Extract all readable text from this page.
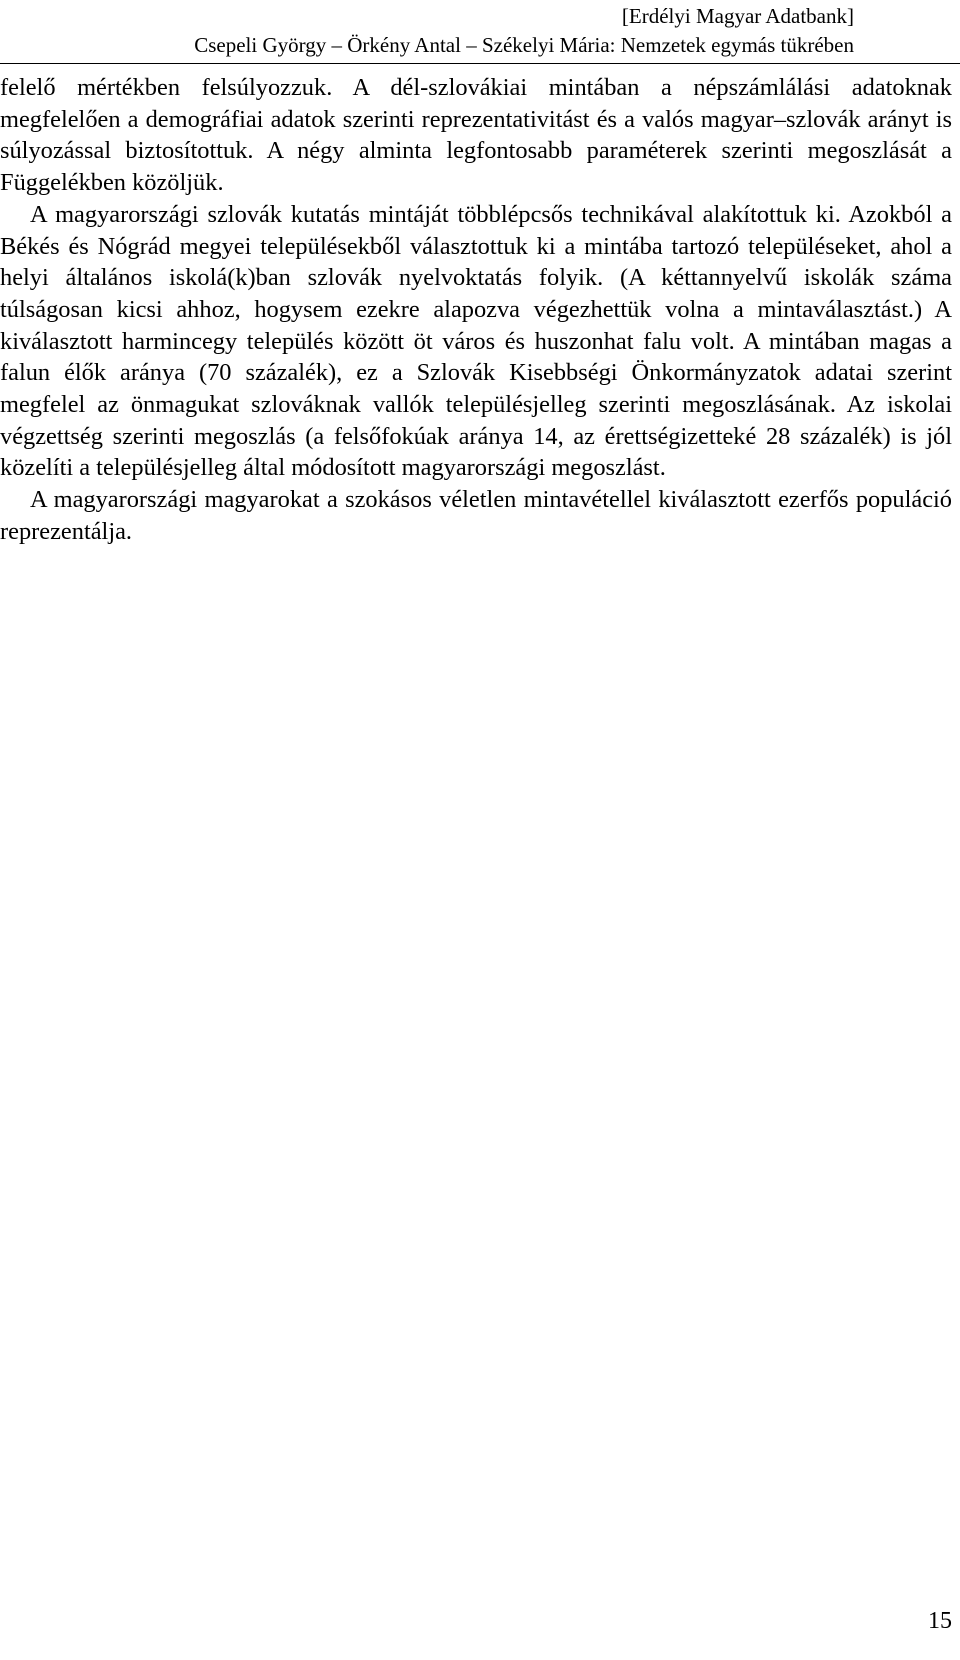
[Erdélyi Magyar Adatbank]
Csepeli György – Örkény Antal – Székelyi Mária: Nemzetek egymás tükrében

felelő mértékben felsúlyozzuk. A dél-szlovákiai mintában a népszámlálási adatoknak megfelelően a demográfiai adatok szerinti reprezentativitást és a valós magyar–szlovák arányt is súlyozással biztosítottuk. A négy alminta legfontosabb paraméterek szerinti megoszlását a Függelékben közöljük.

A magyarországi szlovák kutatás mintáját többlépcsős technikával alakítottuk ki. Azokból a Békés és Nógrád megyei településekből választottuk ki a mintába tartozó településeket, ahol a helyi általános iskolá(k)ban szlovák nyelvoktatás folyik. (A kéttannyelvű iskolák száma túlságosan kicsi ahhoz, hogysem ezekre alapozva végezhettük volna a mintaválasztást.) A kiválasztott harmincegy település között öt város és huszonhat falu volt. A mintában magas a falun élők aránya (70 százalék), ez a Szlovák Kisebbségi Önkormányzatok adatai szerint megfelel az önmagukat szlováknak vallók településjelleg szerinti megoszlásának. Az iskolai végzettség szerinti megoszlás (a felsőfokúak aránya 14, az érettségizetteké 28 százalék) is jól közelíti a településjelleg által módosított magyarországi megoszlást.

A magyarországi magyarokat a szokásos véletlen mintavétellel kiválasztott ezerfős populáció reprezentálja.

15
